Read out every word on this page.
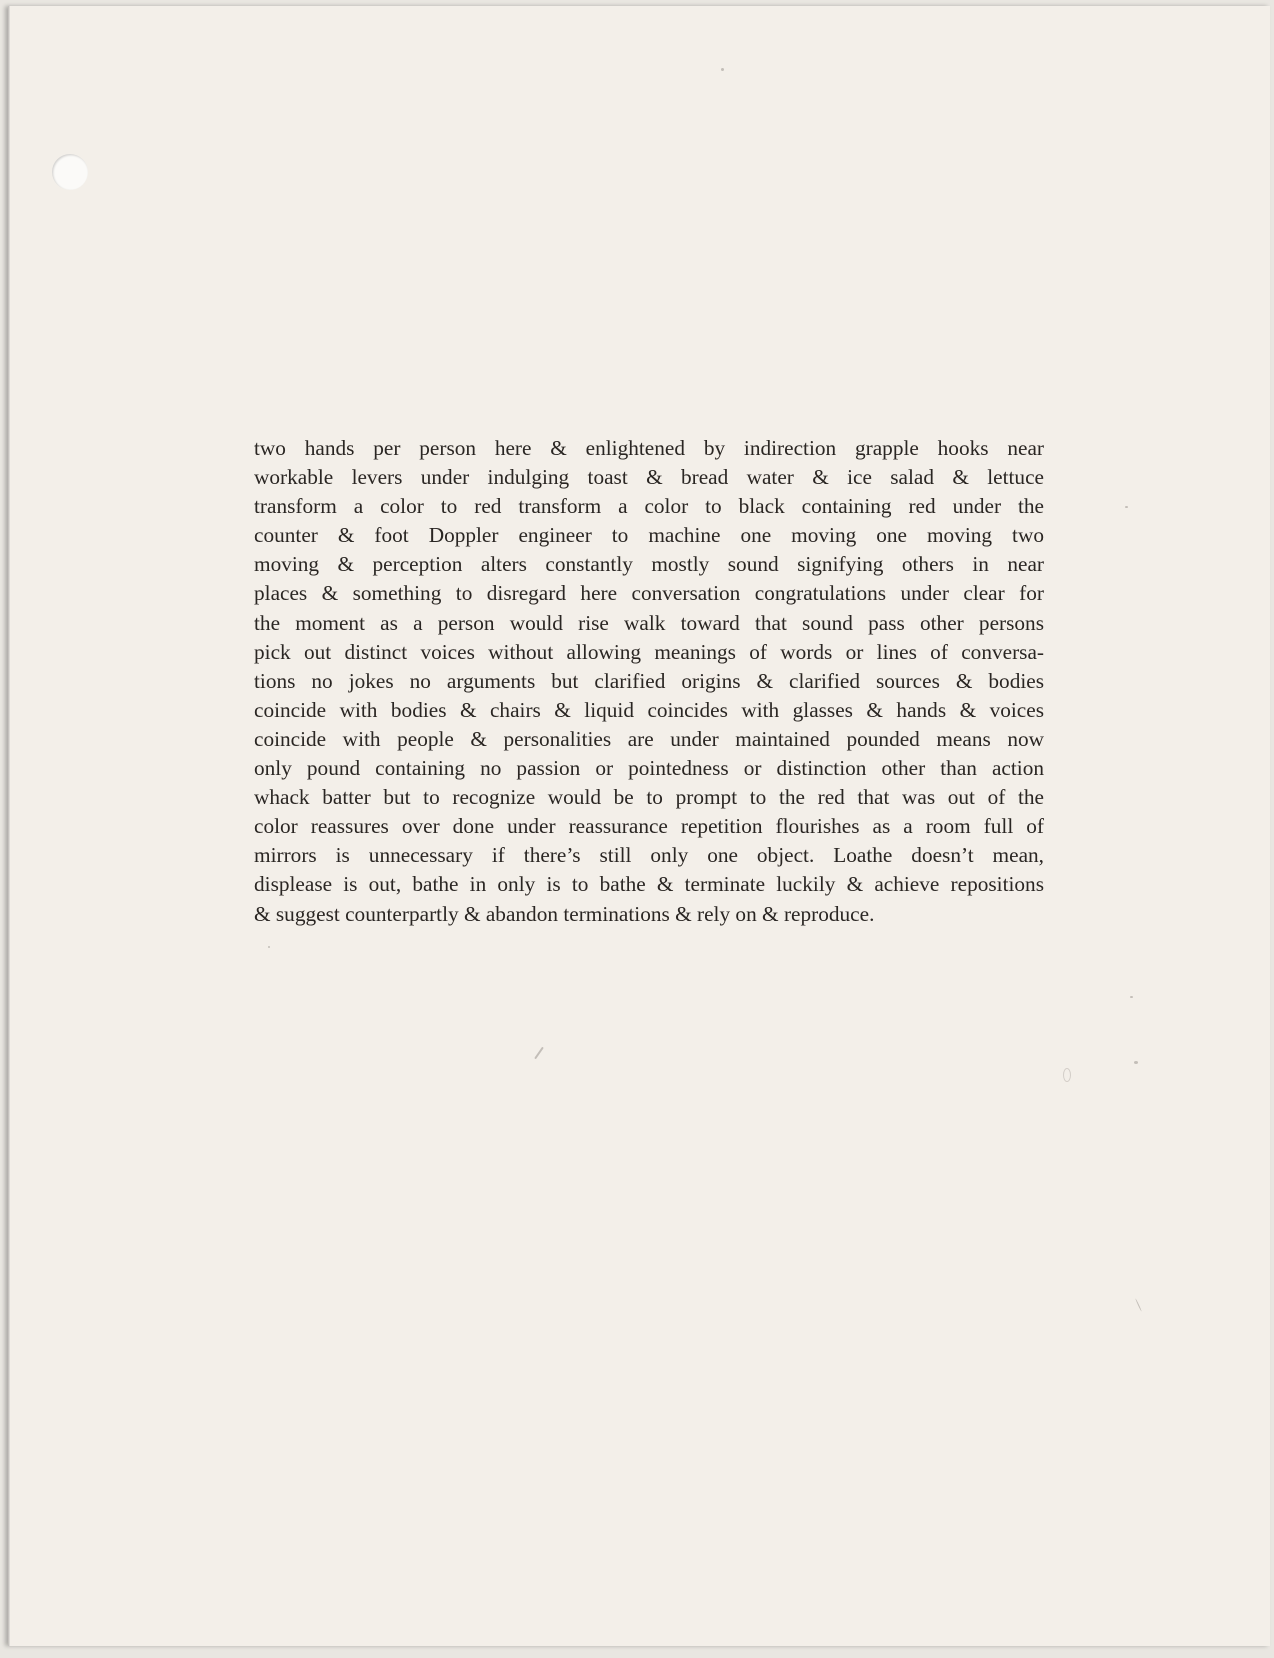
two hands per person here & enlightened by indirection grapple hooks near
workable levers under indulging toast & bread water & ice salad & lettuce
transform a color to red transform a color to black containing red under the
counter & foot Doppler engineer to machine one moving one moving two
moving & perception alters constantly mostly sound signifying others in near
places & something to disregard here conversation congratulations under clear for
the moment as a person would rise walk toward that sound pass other persons
pick out distinct voices without allowing meanings of words or lines of conversa-
tions no jokes no arguments but clarified origins & clarified sources & bodies
coincide with bodies & chairs & liquid coincides with glasses & hands & voices
coincide with people & personalities are under maintained pounded means now
only pound containing no passion or pointedness or distinction other than action
whack batter but to recognize would be to prompt to the red that was out of the
color reassures over done under reassurance repetition flourishes as a room full of
mirrors is unnecessary if there’s still only one object. Loathe doesn’t mean,
displease is out, bathe in only is to bathe & terminate luckily & achieve repositions
& suggest counterpartly & abandon terminations & rely on & reproduce.
